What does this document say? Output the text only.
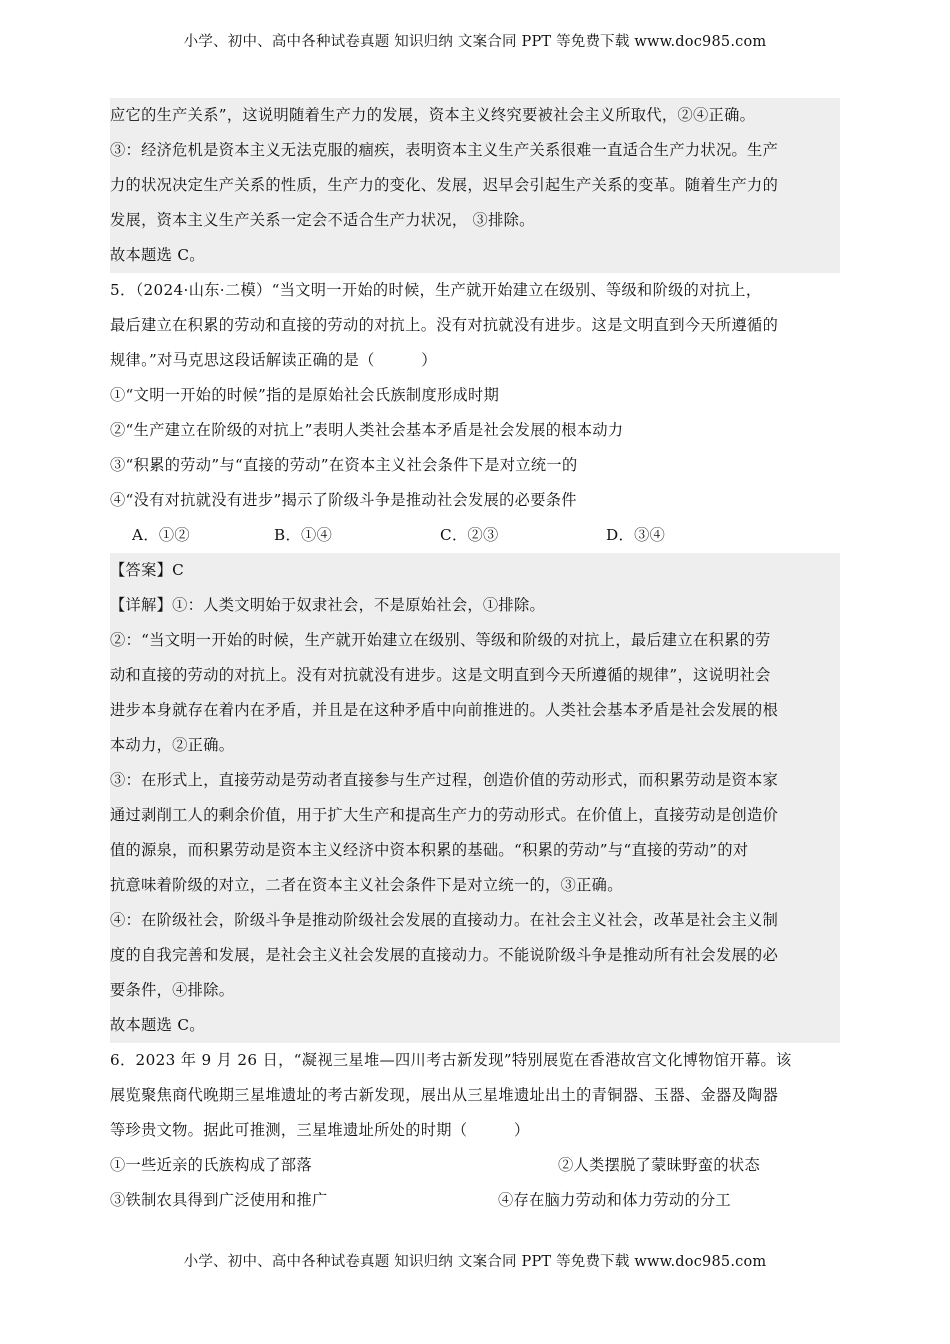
小学、初中、高中各种试卷真题 知识归纳 文案合同 PPT 等免费下载 www.doc985.com
应它的生产关系”，这说明随着生产力的发展，资本主义终究要被社会主义所取代，②④正确。
③：经济危机是资本主义无法克服的痼疾，表明资本主义生产关系很难一直适合生产力状况。生产
力的状况决定生产关系的性质，生产力的变化、发展，迟早会引起生产关系的变革。随着生产力的
发展，资本主义生产关系一定会不适合生产力状况， ③排除。
故本题选 C。
5．（2024·山东·二模）“当文明一开始的时候，生产就开始建立在级别、等级和阶级的对抗上，
最后建立在积累的劳动和直接的劳动的对抗上。没有对抗就没有进步。这是文明直到今天所遵循的
规律。”对马克思这段话解读正确的是（　　　）
①“文明一开始的时候”指的是原始社会氏族制度形成时期
②“生产建立在阶级的对抗上”表明人类社会基本矛盾是社会发展的根本动力
③“积累的劳动”与“直接的劳动”在资本主义社会条件下是对立统一的
④“没有对抗就没有进步”揭示了阶级斗争是推动社会发展的必要条件
A．①②	B．①④	C．②③	D．③④
【答案】C
【详解】①：人类文明始于奴隶社会，不是原始社会，①排除。
②：“当文明一开始的时候，生产就开始建立在级别、等级和阶级的对抗上，最后建立在积累的劳
动和直接的劳动的对抗上。没有对抗就没有进步。这是文明直到今天所遵循的规律”，这说明社会
进步本身就存在着内在矛盾，并且是在这种矛盾中向前推进的。人类社会基本矛盾是社会发展的根
本动力，②正确。
③：在形式上，直接劳动是劳动者直接参与生产过程，创造价值的劳动形式，而积累劳动是资本家
通过剥削工人的剩余价值，用于扩大生产和提高生产力的劳动形式。在价值上，直接劳动是创造价
值的源泉，而积累劳动是资本主义经济中资本积累的基础。“积累的劳动”与“直接的劳动”的对
抗意味着阶级的对立，二者在资本主义社会条件下是对立统一的，③正确。
④：在阶级社会，阶级斗争是推动阶级社会发展的直接动力。在社会主义社会，改革是社会主义制
度的自我完善和发展，是社会主义社会发展的直接动力。不能说阶级斗争是推动所有社会发展的必
要条件，④排除。
故本题选 C。
6．2023 年 9 月 26 日，“凝视三星堆—四川考古新发现”特别展览在香港故宫文化博物馆开幕。该
展览聚焦商代晚期三星堆遗址的考古新发现，展出从三星堆遗址出土的青铜器、玉器、金器及陶器
等珍贵文物。据此可推测，三星堆遗址所处的时期（　　　）
①一些近亲的氏族构成了部落	②人类摆脱了蒙昧野蛮的状态
③铁制农具得到广泛使用和推广	④存在脑力劳动和体力劳动的分工
小学、初中、高中各种试卷真题 知识归纳 文案合同 PPT 等免费下载 www.doc985.com
